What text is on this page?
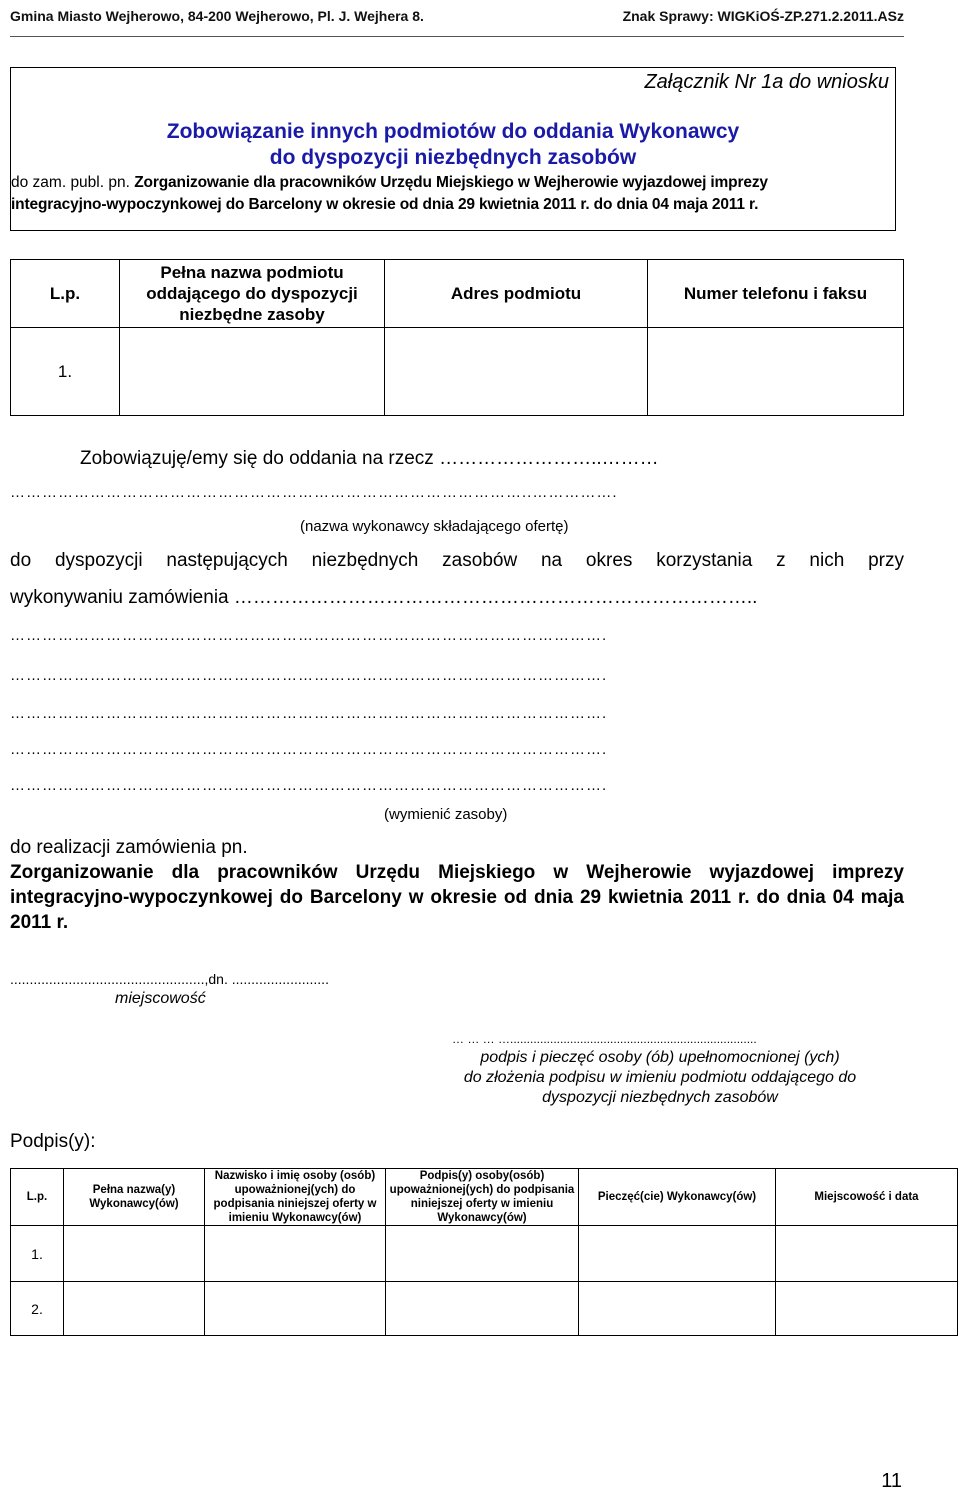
Gmina Miasto Wejherowo, 84-200 Wejherowo, Pl. J. Wejhera 8.	Znak Sprawy: WIGKiOŚ-ZP.271.2.2011.ASz
Załącznik Nr 1a do wniosku
Zobowiązanie innych podmiotów do oddania Wykonawcy
do dyspozycji niezbędnych zasobów
do zam. publ. pn. Zorganizowanie dla pracowników Urzędu Miejskiego w Wejherowie wyjazdowej imprezy
integracyjno-wypoczynkowej do Barcelony w okresie od dnia 29 kwietnia 2011 r. do dnia 04 maja 2011 r.
L.p.	Pełna nazwa podmiotu
oddającego do dyspozycji
niezbędne zasoby	Adres podmiotu	Numer telefonu i faksu
1.			
Zobowiązuję/emy się do oddania na rzecz ……………………..………
……………………………………………………………………………………..…………….
(nazwa wykonawcy składającego ofertę)
do dyspozycji następujących niezbędnych zasobów na okres korzystania z nich przy
wykonywaniu zamówienia ………………………………………………………………………..
………………………………………………………………………………………………….
………………………………………………………………………………………………….
………………………………………………………………………………………………….
………………………………………………………………………………………………….
………………………………………………………………………………………………….
(wymienić zasoby)
do realizacji zamówienia pn.
Zorganizowanie dla pracowników Urzędu Miejskiego w Wejherowie wyjazdowej imprezy integracyjno-wypoczynkowej do Barcelony w okresie od dnia 29 kwietnia 2011 r. do dnia 04 maja 2011 r.
..................................................,dn. .........................
miejscowość
… … … …..........................................................................
podpis i pieczęć osoby (ób) upełnomocnionej (ych)
do złożenia podpisu w imieniu podmiotu oddającego do
dyspozycji niezbędnych zasobów
Podpis(y):
L.p.	Pełna nazwa(y) Wykonawcy(ów)	Nazwisko i imię osoby (osób) upoważnionej(ych) do podpisania niniejszej oferty w imieniu Wykonawcy(ów)	Podpis(y) osoby(osób) upoważnionej(ych) do podpisania niniejszej oferty w imieniu Wykonawcy(ów)	Pieczęć(cie) Wykonawcy(ów)	Miejscowość i data
1.					
2.					
11
